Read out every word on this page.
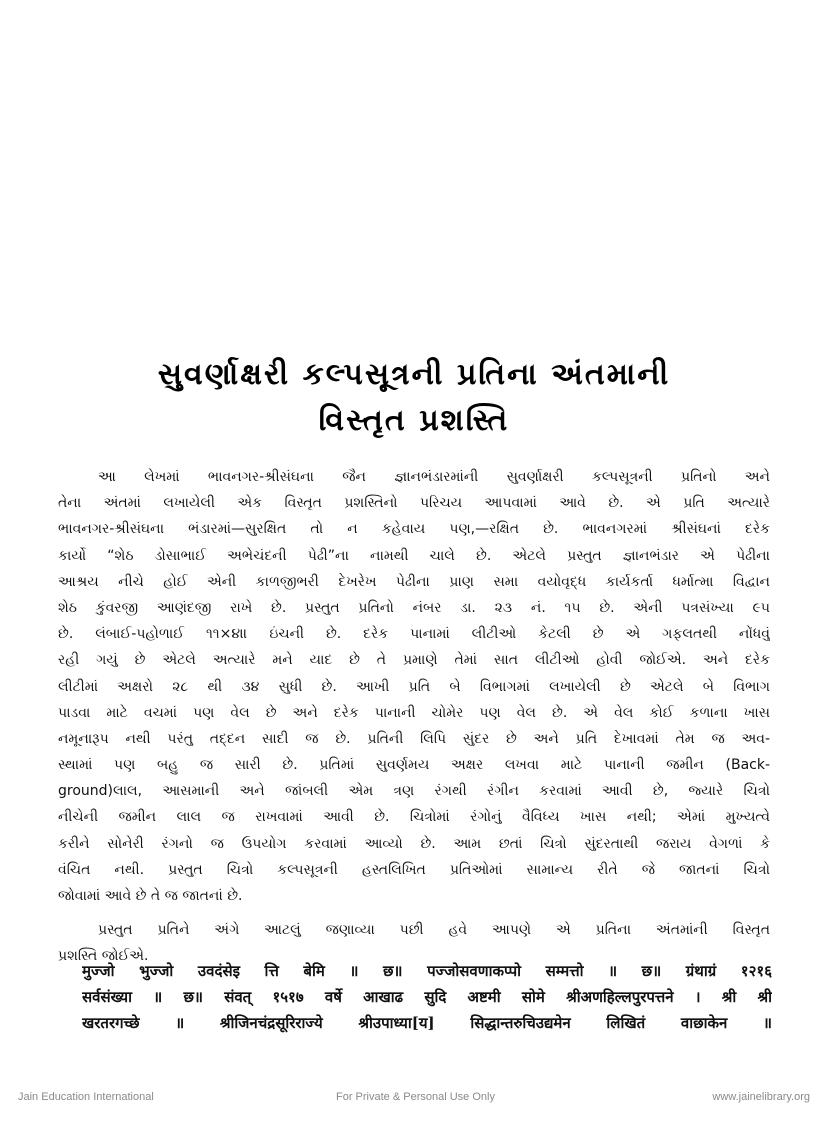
સુવર્ણાક્ષરી કલ્પસૂત્રની પ્રતિના અંતમાની
વિસ્તૃત પ્રશસ્તિ
આ લેખમાં ભાવનગર-શ્રીસંઘના જૈન જ્ઞાનભંડારમાંની સુવર્ણાક્ષરી કલ્પસૂત્રની પ્રતિનો અને
તેના અંતમાં લખાયેલી એક વિસ્તૃત પ્રશસ્તિનો પરિચય આપવામાં આવે છે. એ પ્રતિ અત્યારે
ભાવનગર-શ્રીસંઘના ભંડારમાં—સુરક્ષિત તો ન કહેવાય પણ,—રક્ષિત છે. ભાવનગરમાં શ્રીસંઘનાં દરેક
કાર્યો “શેઠ ડોસાભાઈ અભેચંદની પેઢી”ના નામથી ચાલે છે. એટલે પ્રસ્તુત જ્ઞાનભંડાર એ પેઢીના
આશ્રય નીચે હોઈ એની કાળજીભરી દેખરેખ પેઢીના પ્રાણ સમા વયોવૃદ્ધ કાર્યકર્તા ધર્માત્મા વિદ્વાન
શેઠ કુંવરજી આણંદજી રાખે છે. પ્રસ્તુત પ્રતિનો નંબર ડા. ૨૩ નં. ૧૫ છે. એની પત્રસંખ્યા ૯૫
છે. લંબાઈ-પહોળાઈ ૧૧×૪॥ ઇંચની છે. દરેક પાનામાં લીટીઓ કેટલી છે એ ગફલતથી નોંધવું
રહી ગયું છે એટલે અત્યારે મને યાદ છે તે પ્રમાણે તેમાં સાત લીટીઓ હોવી જોઈએ. અને દરેક
લીટીમાં અક્ષરો ૨૮ થી ૩૪ સુધી છે. આખી પ્રતિ બે વિભાગમાં લખાયેલી છે એટલે બે વિભાગ
પાડવા માટે વચમાં પણ વેલ છે અને દરેક પાનાની ચોમેર પણ વેલ છે. એ વેલ કોઈ કળાના ખાસ
નમૂનારૂપ નથી પરંતુ તદ્દન સાદી જ છે. પ્રતિની લિપિ સુંદર છે અને પ્રતિ દેખાવમાં તેમ જ અવ-
સ્થામાં પણ બહુ જ સારી છે. પ્રતિમાં સુવર્ણમય અક્ષર લખવા માટે પાનાની જમીન (Back-
ground)લાલ, આસમાની અને જાંબલી એમ ત્રણ રંગથી રંગીન કરવામાં આવી છે, જ્યારે ચિત્રો
નીચેની જમીન લાલ જ રાખવામાં આવી છે. ચિત્રોમાં રંગોનું વૈવિધ્ય ખાસ નથી; એમાં મુખ્યત્વે
કરીને સોનેરી રંગનો જ ઉપયોગ કરવામાં આવ્યો છે. આમ છતાં ચિત્રો સુંદરતાથી જરાય વેગળાં કે
વંચિત નથી. પ્રસ્તુત ચિત્રો કલ્પસૂત્રની હસ્તલિખિત પ્રતિઓમાં સામાન્ય રીતે જે જાતનાં ચિત્રો
જોવામાં આવે છે તે જ જાતનાં છે.
પ્રસ્તુત પ્રતિને અંગે આટલું જણાવ્યા પછી હવે આપણે એ પ્રતિના અંતમાંની વિસ્તૃત
પ્રશસ્તિ જોઈએ.
मुज्जो भुज्जो उवदंसेइ त्ति बेमि ॥ छ॥ पज्जोसवणाकप्पो सम्मत्तो ॥ छ॥ ग्रंथाग्रं १२१६
सर्वसंख्या ॥ छ॥ संवत् १५१७ वर्षे आखाढ सुदि अष्टमी सोमे श्रीअणहिल्लपुरपत्तने । श्री श्री
खरतरगच्छे ॥ श्रीजिनचंद्रसूरिराज्ये श्रीउपाध्या[य] सिद्धान्तरुचिउद्यमेन लिखितं वाछाकेन ॥
Jain Education International	For Private & Personal Use Only	www.jainelibrary.org
